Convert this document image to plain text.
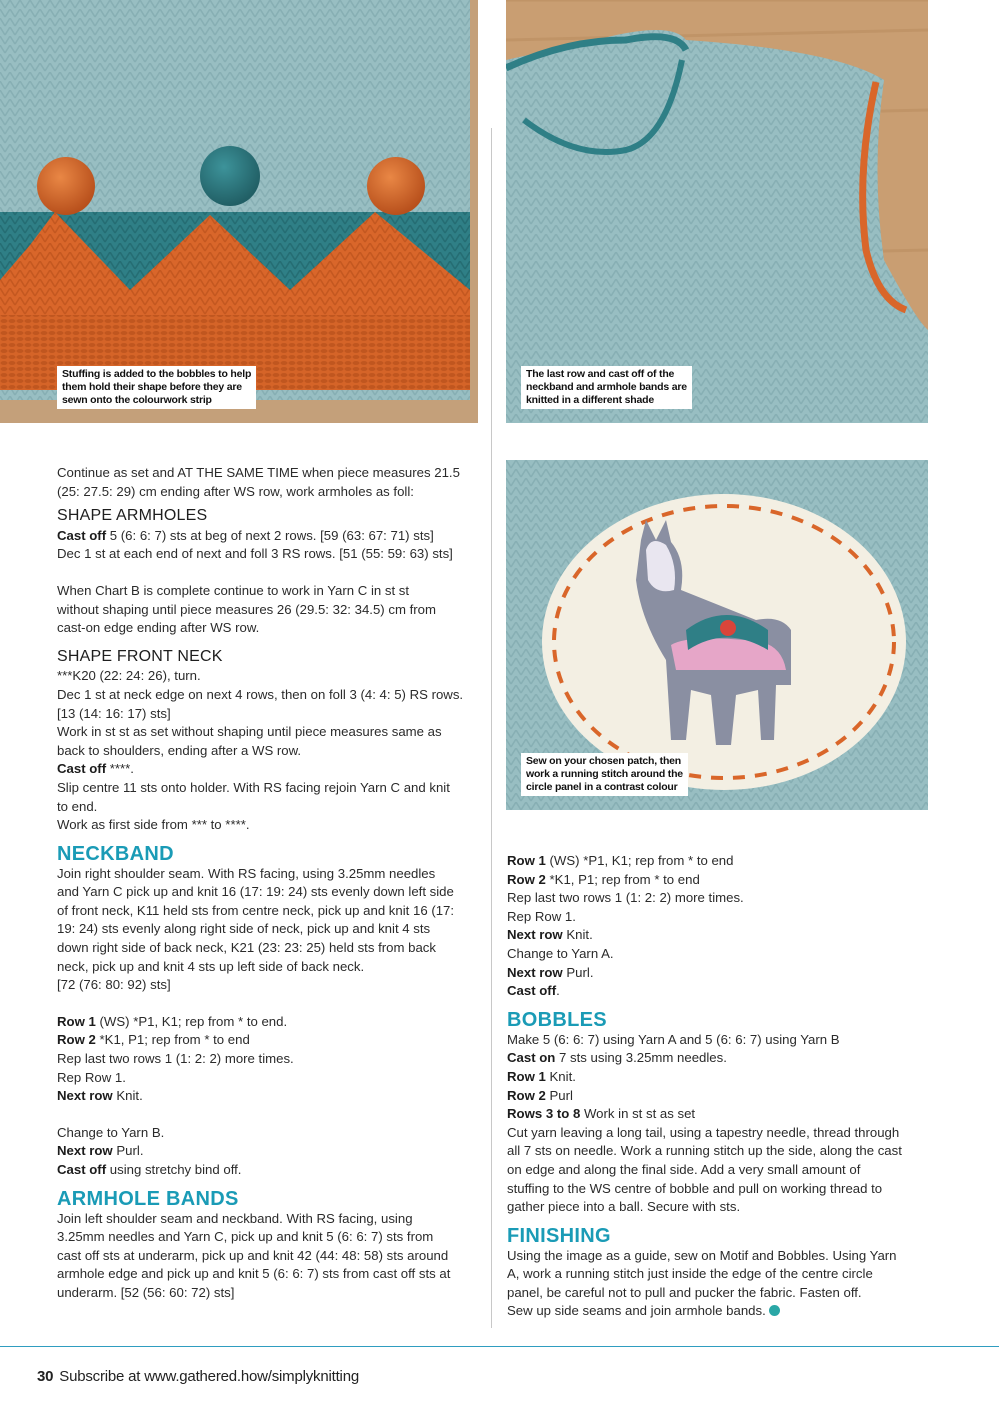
Stuffing is added to the bobbles to help
them hold their shape before they are
sewn onto the colourwork strip
The last row and cast off of the
neckband and armhole bands are
knitted in a different shade
Sew on your chosen patch, then
work a running stitch around the
circle panel in a contrast colour

Continue as set and AT THE SAME TIME when piece measures 21.5

(25: 27.5: 29) cm ending after WS row, work armholes as foll:

SHAPE ARMHOLES

Cast off 5 (6: 6: 7) sts at beg of next 2 rows. [59 (63: 67: 71) sts]

Dec 1 st at each end of next and foll 3 RS rows. [51 (55: 59: 63) sts]

When Chart B is complete continue to work in Yarn C in st st

without shaping until piece measures 26 (29.5: 32: 34.5) cm from

cast-on edge ending after WS row.

SHAPE FRONT NECK

***K20 (22: 24: 26), turn.

Dec 1 st at neck edge on next 4 rows, then on foll 3 (4: 4: 5) RS rows.

[13 (14: 16: 17) sts]

Work in st st as set without shaping until piece measures same as

back to shoulders, ending after a WS row.

Cast off ****.

Slip centre 11 sts onto holder. With RS facing rejoin Yarn C and knit

to end.

Work as first side from *** to ****.

NECKBAND

Join right shoulder seam. With RS facing, using 3.25mm needles

and Yarn C pick up and knit 16 (17: 19: 24) sts evenly down left side

of front neck, K11 held sts from centre neck, pick up and knit 16 (17:

19: 24) sts evenly along right side of neck, pick up and knit 4 sts

down right side of back neck, K21 (23: 23: 25) held sts from back

neck, pick up and knit 4 sts up left side of back neck.

[72 (76: 80: 92) sts]

Row 1 (WS) *P1, K1; rep from * to end.

Row 2 *K1, P1; rep from * to end

Rep last two rows 1 (1: 2: 2) more times.

Rep Row 1.

Next row Knit.

Change to Yarn B.

Next row Purl.

Cast off using stretchy bind off.

ARMHOLE BANDS

Join left shoulder seam and neckband. With RS facing, using

3.25mm needles and Yarn C, pick up and knit 5 (6: 6: 7) sts from

cast off sts at underarm, pick up and knit 42 (44: 48: 58) sts around

armhole edge and pick up and knit 5 (6: 6: 7) sts from cast off sts at

underarm. [52 (56: 60: 72) sts]

Row 1 (WS) *P1, K1; rep from * to end

Row 2 *K1, P1; rep from * to end

Rep last two rows 1 (1: 2: 2) more times.

Rep Row 1.

Next row Knit.

Change to Yarn A.

Next row Purl.

Cast off.

BOBBLES

Make 5 (6: 6: 7) using Yarn A and 5 (6: 6: 7) using Yarn B

Cast on 7 sts using 3.25mm needles.

Row 1 Knit.

Row 2 Purl

Rows 3 to 8 Work in st st as set

Cut yarn leaving a long tail, using a tapestry needle, thread through

all 7 sts on needle. Work a running stitch up the side, along the cast

on edge and along the final side. Add a very small amount of

stuffing to the WS centre of bobble and pull on working thread to

gather piece into a ball. Secure with sts.

FINISHING

Using the image as a guide, sew on Motif and Bobbles. Using Yarn

A, work a running stitch just inside the edge of the centre circle

panel, be careful not to pull and pucker the fabric. Fasten off.

Sew up side seams and join armhole bands.

30 Subscribe at www.gathered.how/simplyknitting
